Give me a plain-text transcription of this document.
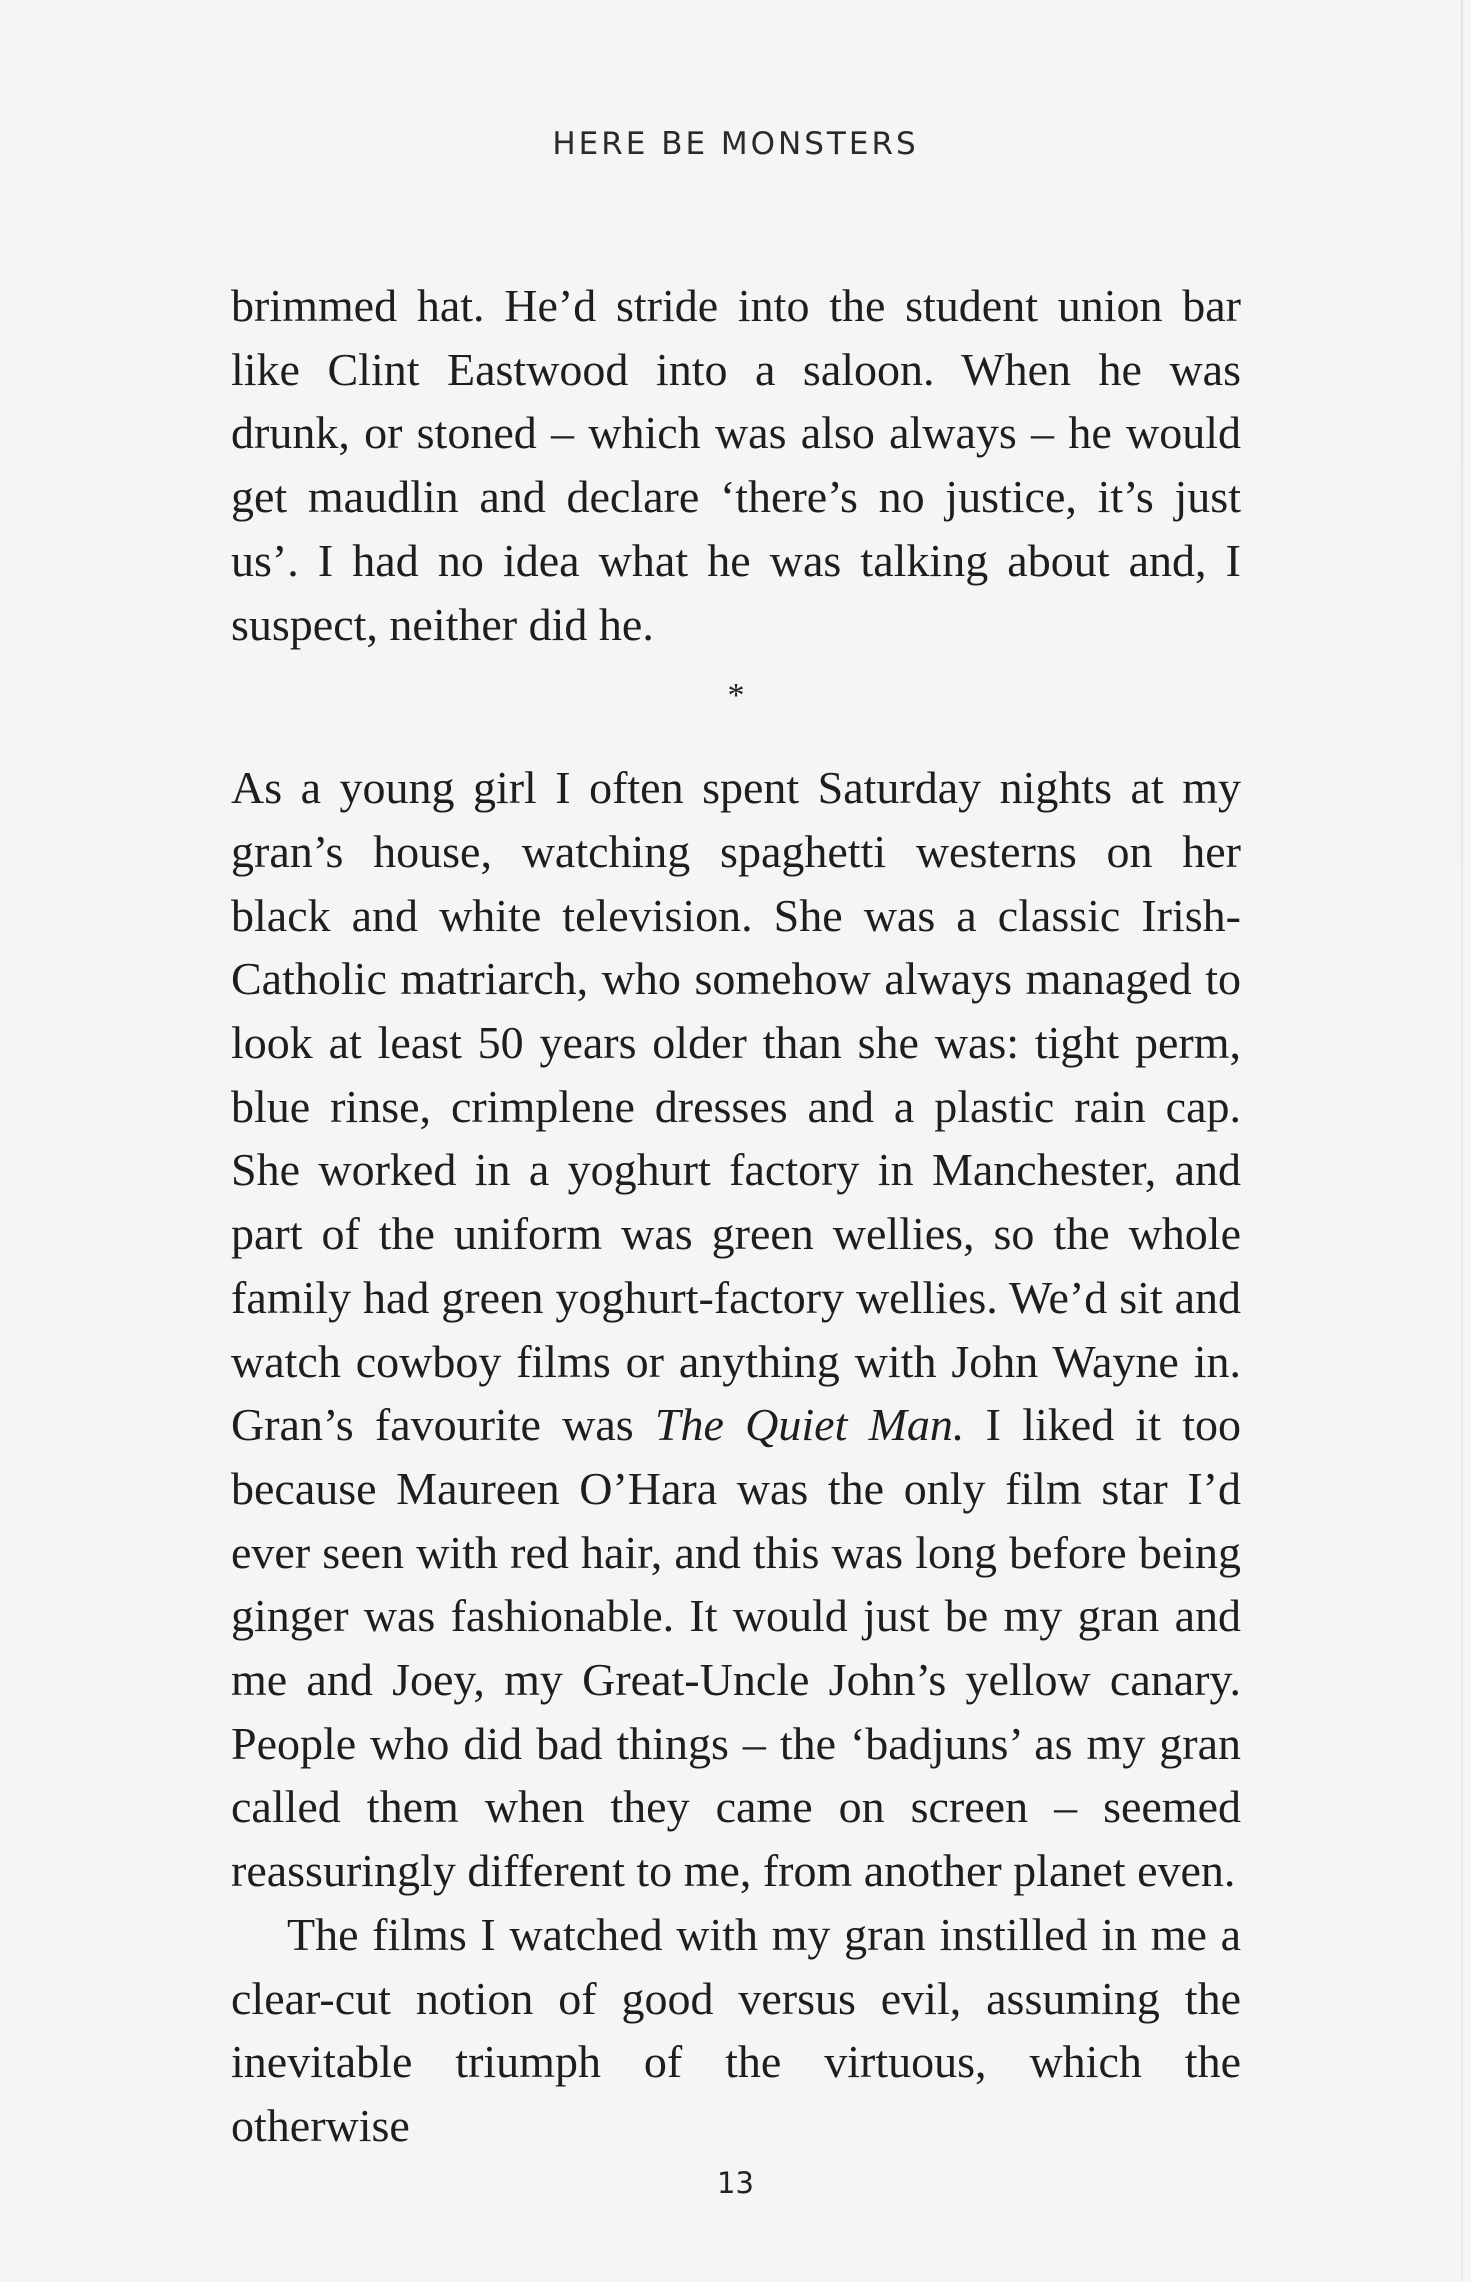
HERE BE MONSTERS

brimmed hat. He’d stride into the student union bar like Clint Eastwood into a saloon. When he was drunk, or stoned – which was also always – he would get maudlin and declare ‘there’s no justice, it’s just us’. I had no idea what he was talking about and, I suspect, neither did he.

*

As a young girl I often spent Saturday nights at my gran’s house, watching spaghetti westerns on her black and white television. She was a classic Irish-Catholic matriarch, who somehow always managed to look at least 50 years older than she was: tight perm, blue rinse, crimplene dresses and a plastic rain cap. She worked in a yoghurt factory in Manchester, and part of the uniform was green wellies, so the whole family had green yoghurt-factory wellies. We’d sit and watch cowboy films or anything with John Wayne in. Gran’s favourite was The Quiet Man. I liked it too because Maureen O’Hara was the only film star I’d ever seen with red hair, and this was long before being ginger was fashionable. It would just be my gran and me and Joey, my Great-Uncle John’s yellow canary. People who did bad things – the ‘badjuns’ as my gran called them when they came on screen – seemed reassuringly different to me, from another planet even.

The films I watched with my gran instilled in me a clear-cut notion of good versus evil, assuming the inevitable triumph of the virtuous, which the otherwise

13
